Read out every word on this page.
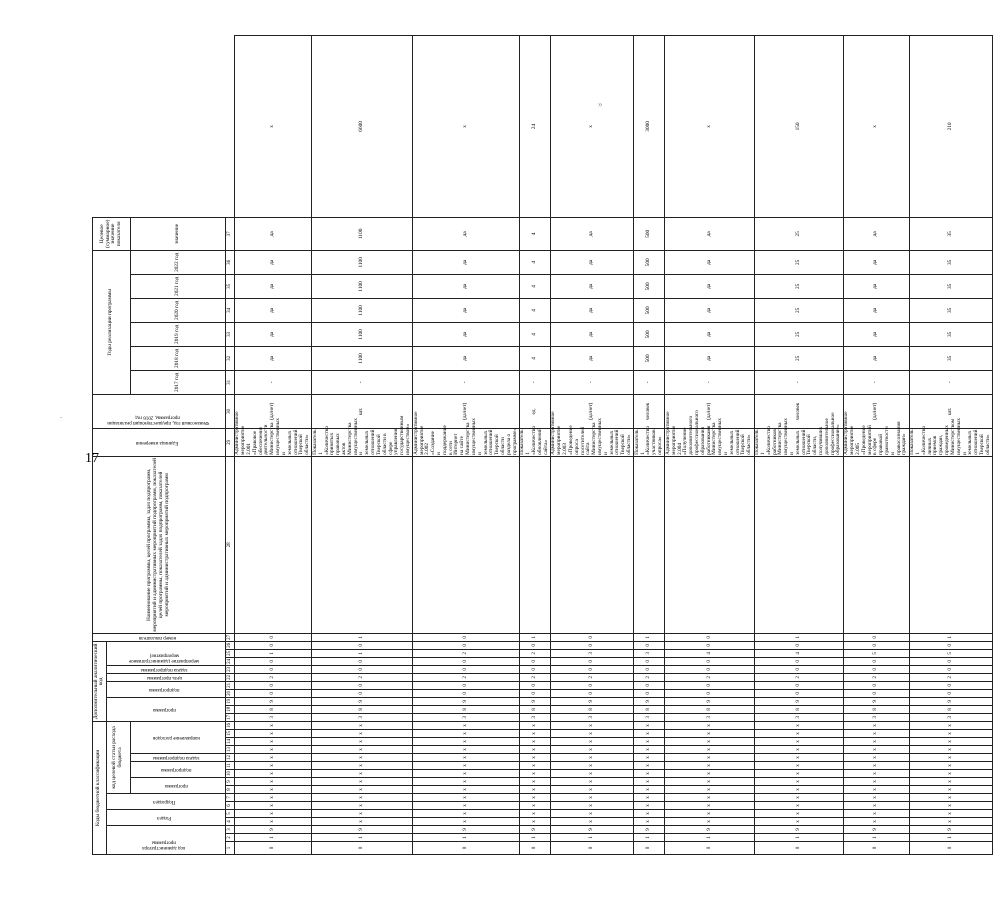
17
.
»
Коды бюджетной классификации																Дополнительный аналитический код										номер показателя	Наименование программы, целей программы, задач подпрограмм, мероприятий и административных мероприятий подпрограмм, показателей целей программы, показателей задач подпрограмм, показателей мероприятий и административных мероприятий подпрограмм	Единица измерения	Финансовый год, предшествующий реализации программы, 2016 год	Годы реализации программы						Целевое (суммарное) значение показателя	
код администратора программы			Раздел		Подраздел		код целевой статьи расхода бюджета									программа			подпрограмма		цель программы	задача подпрограммы	мероприятие (административное мероприятие)														
							программа		подпрограмма		задача подпрограммы	направление расходов																		2017 год	2018 год	2019 год	2020 год	2021 год	2022 год	значение	
1	2	3	4	5	6	7	8	9	10	11	12	13	14	15	16	17	18	19	20	21	22	23	24	25	26	27	28	29	30	31	32	33	34	35	36	37	
0	1	9	х	х	х	х	х	х	х	х	х	х	х	х	х	3	8	9	0	0	2	0	0	1	0	0		Административное мероприятие 2.001 «Правовое обеспечение деятельности Министерства имущественных и земельных отношений Тверской области»	(да/нет)	-	да	да	да	да	да	да	х
0	1	9	х	х	х	х	х	х	х	х	х	х	х	х	х	3	8	9	0	0	2	0	0	1	0	1		Показатель 1 «Количество принятых правовых актов Министерства имущественных и земельных отношений Тверской области в сфере управления государственным имуществом»	шт.	-	1100	1100	1100	1100	1100	1100	6600
0	1	9	х	х	х	х	х	х	х	х	х	х	х	х	х	3	8	9	0	0	2	0	0	2	0	0		Административное мероприятие 2.002 «Создание и поддержание в сети Интернет на сайте Министерства имущественных и земельных отношений Тверской области раздела о программе»	(да/нет)	-	да	да	да	да	да	да	х
0	1	9	х	х	х	х	х	х	х	х	х	х	х	х	х	3	8	9	0	0	2	0	0	2	0	1		Показатель 1 «Количество обновлений сайта»	ед.	-	4	4	4	4	4	4	24
0	1	9	х	х	х	х	х	х	х	х	х	х	х	х	х	3	8	9	0	0	2	0	0	3	0	0		Административное мероприятие 2.003 «Проведение опроса посетителей сайта Министерства имущественных и земельных отношений Тверской области»	(да/нет)	-	да	да	да	да	да	да	х
0	1	9	х	х	х	х	х	х	х	х	х	х	х	х	х	3	8	9	0	0	2	0	0	3	0	1		Показатель 1 «Количество участников опроса»	человек	-	500	500	500	500	500	500	3000
0	1	9	х	х	х	х	х	х	х	х	х	х	х	х	х	3	8	9	0	0	2	0	0	4	0	0		Административное мероприятие 2.004 «Получение дополнительного профессионального образования работниками Министерства имущественных и земельных отношений Тверской области»	(да/нет)	-	да	да	да	да	да	да	х
0	1	9	х	х	х	х	х	х	х	х	х	х	х	х	х	3	8	9	0	0	2	0	0	4	0	1		Показатель 1 «Количество работников Министерства имущественных и земельных отношений Тверской области, получивших дополнительное профессиональное образование»	человек	-	25	25	25	25	25	25	150
0	1	9	х	х	х	х	х	х	х	х	х	х	х	х	х	3	8	9	0	0	2	0	0	5	0	0		Административное мероприятие 2.005 «Проведение мероприятий в сфере правовой грамотности и правосознания граждан»	(да/нет)	-	да	да	да	да	да	да	х
0	1	9	х	х	х	х	х	х	х	х	х	х	х	х	х	3	8	9	0	0	2	0	0	5	0	1		Показатель 1 «Количество личных приемов граждан, проведенных Министерством имущественных и земельных отношений Тверской области»	шт.	-	35	35	35	35	35	35	210
